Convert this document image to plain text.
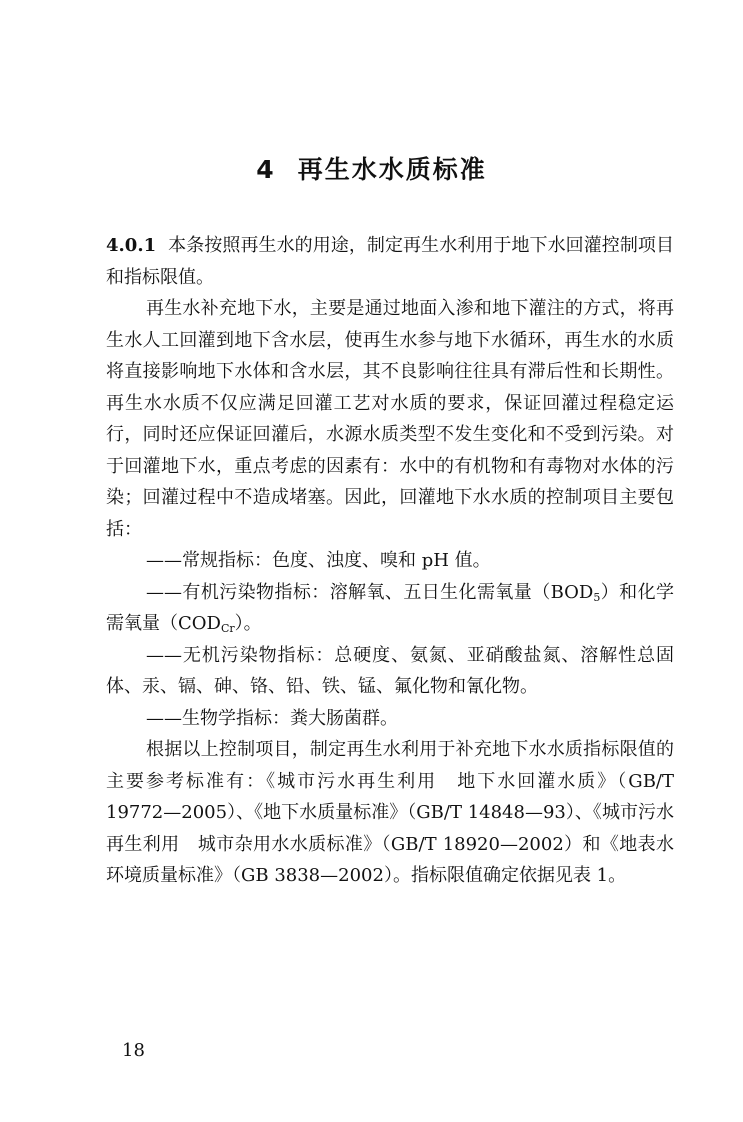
4 再生水水质标准

4.0.1 本条按照再生水的用途，制定再生水利用于地下水回灌控制项目和指标限值。

再生水补充地下水，主要是通过地面入渗和地下灌注的方式，将再生水人工回灌到地下含水层，使再生水参与地下水循环，再生水的水质将直接影响地下水体和含水层，其不良影响往往具有滞后性和长期性。再生水水质不仅应满足回灌工艺对水质的要求，保证回灌过程稳定运行，同时还应保证回灌后，水源水质类型不发生变化和不受到污染。对于回灌地下水，重点考虑的因素有：水中的有机物和有毒物对水体的污染；回灌过程中不造成堵塞。因此，回灌地下水水质的控制项目主要包括：

——常规指标：色度、浊度、嗅和 pH 值。

——有机污染物指标：溶解氧、五日生化需氧量$(BOD_5)$和化学需氧量$(COD_{Cr})$。

——无机污染物指标：总硬度、氨氮、亚硝酸盐氮、溶解性总固体、汞、镉、砷、铬、铅、铁、锰、氟化物和氰化物。

——生物学指标：粪大肠菌群。

根据以上控制项目，制定再生水利用于补充地下水水质指标限值的主要参考标准有：《城市污水再生利用　地下水回灌水质》（GB/T 19772—2005）、《地下水质量标准》（GB/T 14848—93）、《城市污水再生利用　城市杂用水水质标准》（GB/T 18920—2002）和《地表水环境质量标准》（GB 3838—2002）。指标限值确定依据见表 1。

18
